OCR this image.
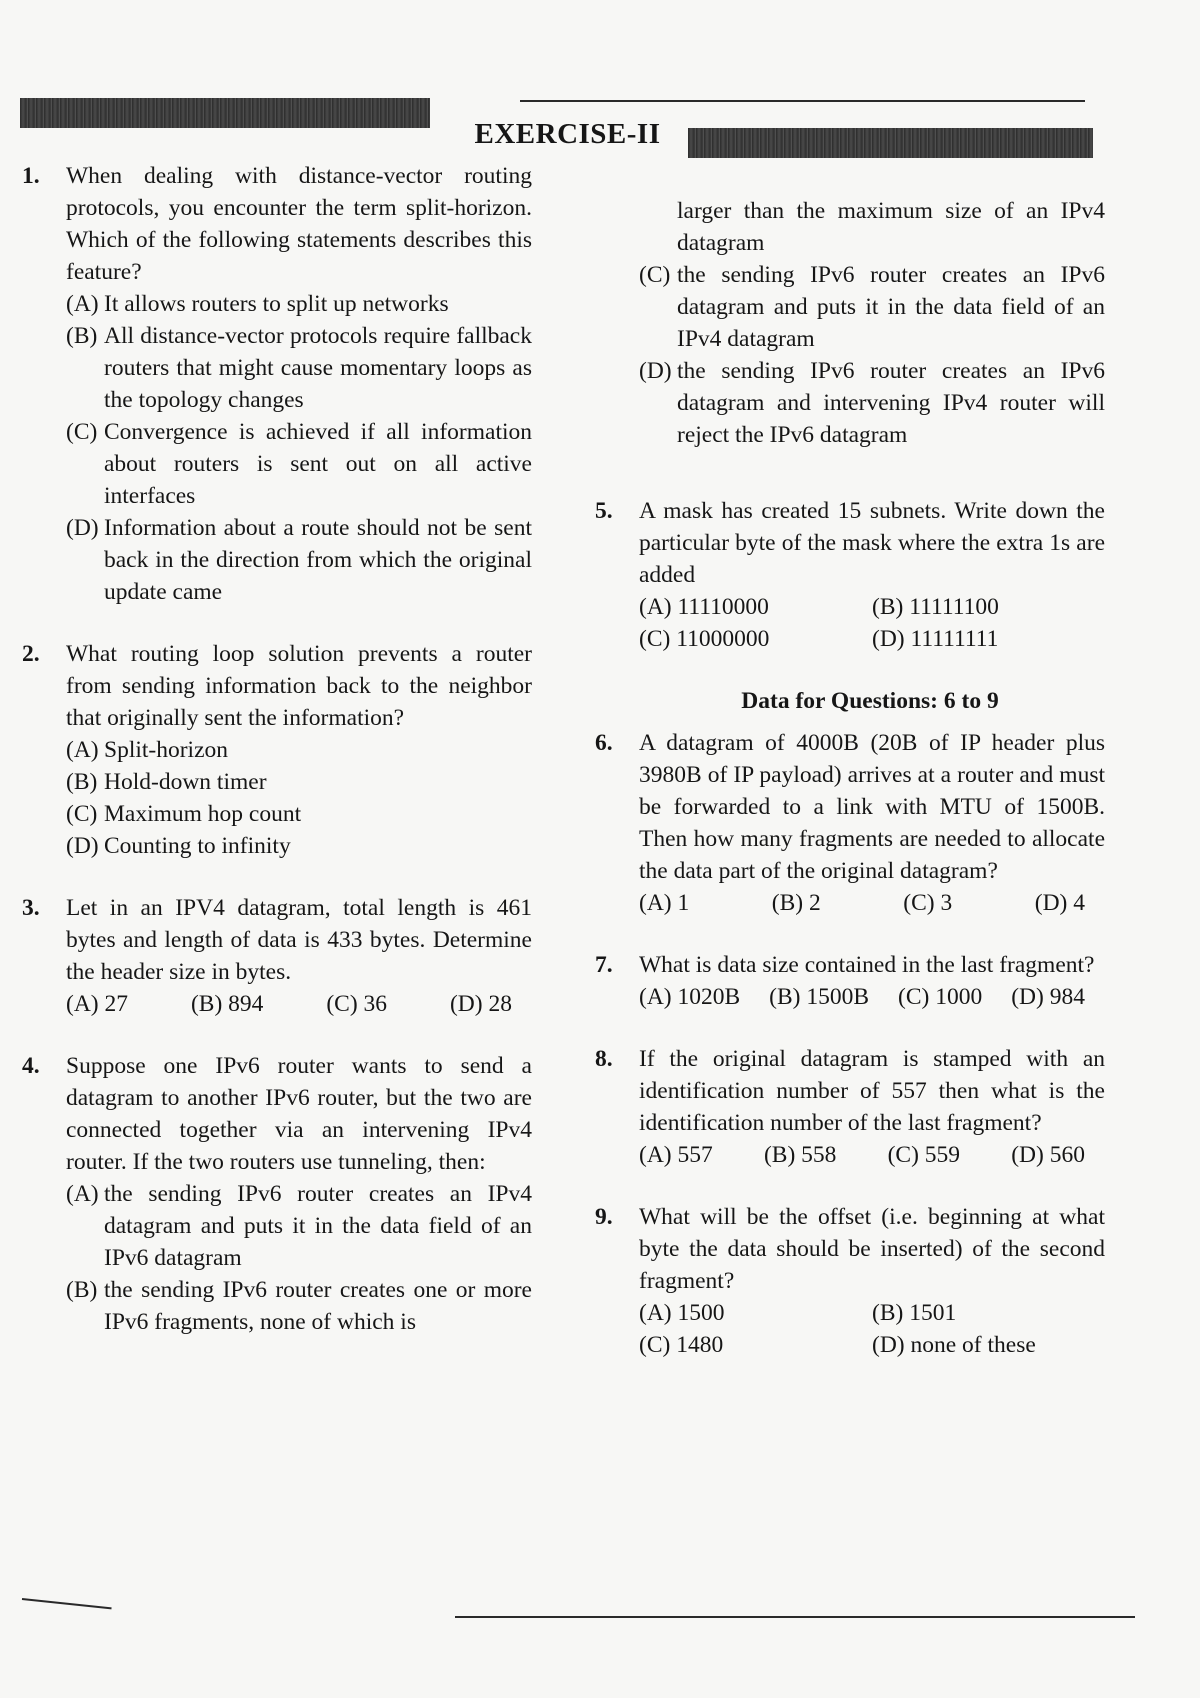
EXERCISE-II
1. When dealing with distance-vector routing protocols, you encounter the term split-horizon. Which of the following statements describes this feature?
(A) It allows routers to split up networks
(B) All distance-vector protocols require fallback routers that might cause momentary loops as the topology changes
(C) Convergence is achieved if all information about routers is sent out on all active interfaces
(D) Information about a route should not be sent back in the direction from which the original update came
2. What routing loop solution prevents a router from sending information back to the neighbor that originally sent the information?
(A) Split-horizon
(B) Hold-down timer
(C) Maximum hop count
(D) Counting to infinity
3. Let in an IPV4 datagram, total length is 461 bytes and length of data is 433 bytes. Determine the header size in bytes.
(A) 27	(B) 894	(C) 36	(D) 28
4. Suppose one IPv6 router wants to send a datagram to another IPv6 router, but the two are connected together via an intervening IPv4 router. If the two routers use tunneling, then:
(A) the sending IPv6 router creates an IPv4 datagram and puts it in the data field of an IPv6 datagram
(B) the sending IPv6 router creates one or more IPv6 fragments, none of which is
larger than the maximum size of an IPv4 datagram
(C) the sending IPv6 router creates an IPv6 datagram and puts it in the data field of an IPv4 datagram
(D) the sending IPv6 router creates an IPv6 datagram and intervening IPv4 router will reject the IPv6 datagram
5. A mask has created 15 subnets. Write down the particular byte of the mask where the extra 1s are added
(A) 11110000	(B) 11111100
(C) 11000000	(D) 11111111
Data for Questions: 6 to 9
6. A datagram of 4000B (20B of IP header plus 3980B of IP payload) arrives at a router and must be forwarded to a link with MTU of 1500B. Then how many fragments are needed to allocate the data part of the original datagram?
(A) 1	(B) 2	(C) 3	(D) 4
7. What is data size contained in the last fragment?
(A) 1020B (B) 1500B (C) 1000 (D) 984
8. If the original datagram is stamped with an identification number of 557 then what is the identification number of the last fragment?
(A) 557 (B) 558 (C) 559 (D) 560
9. What will be the offset (i.e. beginning at what byte the data should be inserted) of the second fragment?
(A) 1500	(B) 1501
(C) 1480	(D) none of these
